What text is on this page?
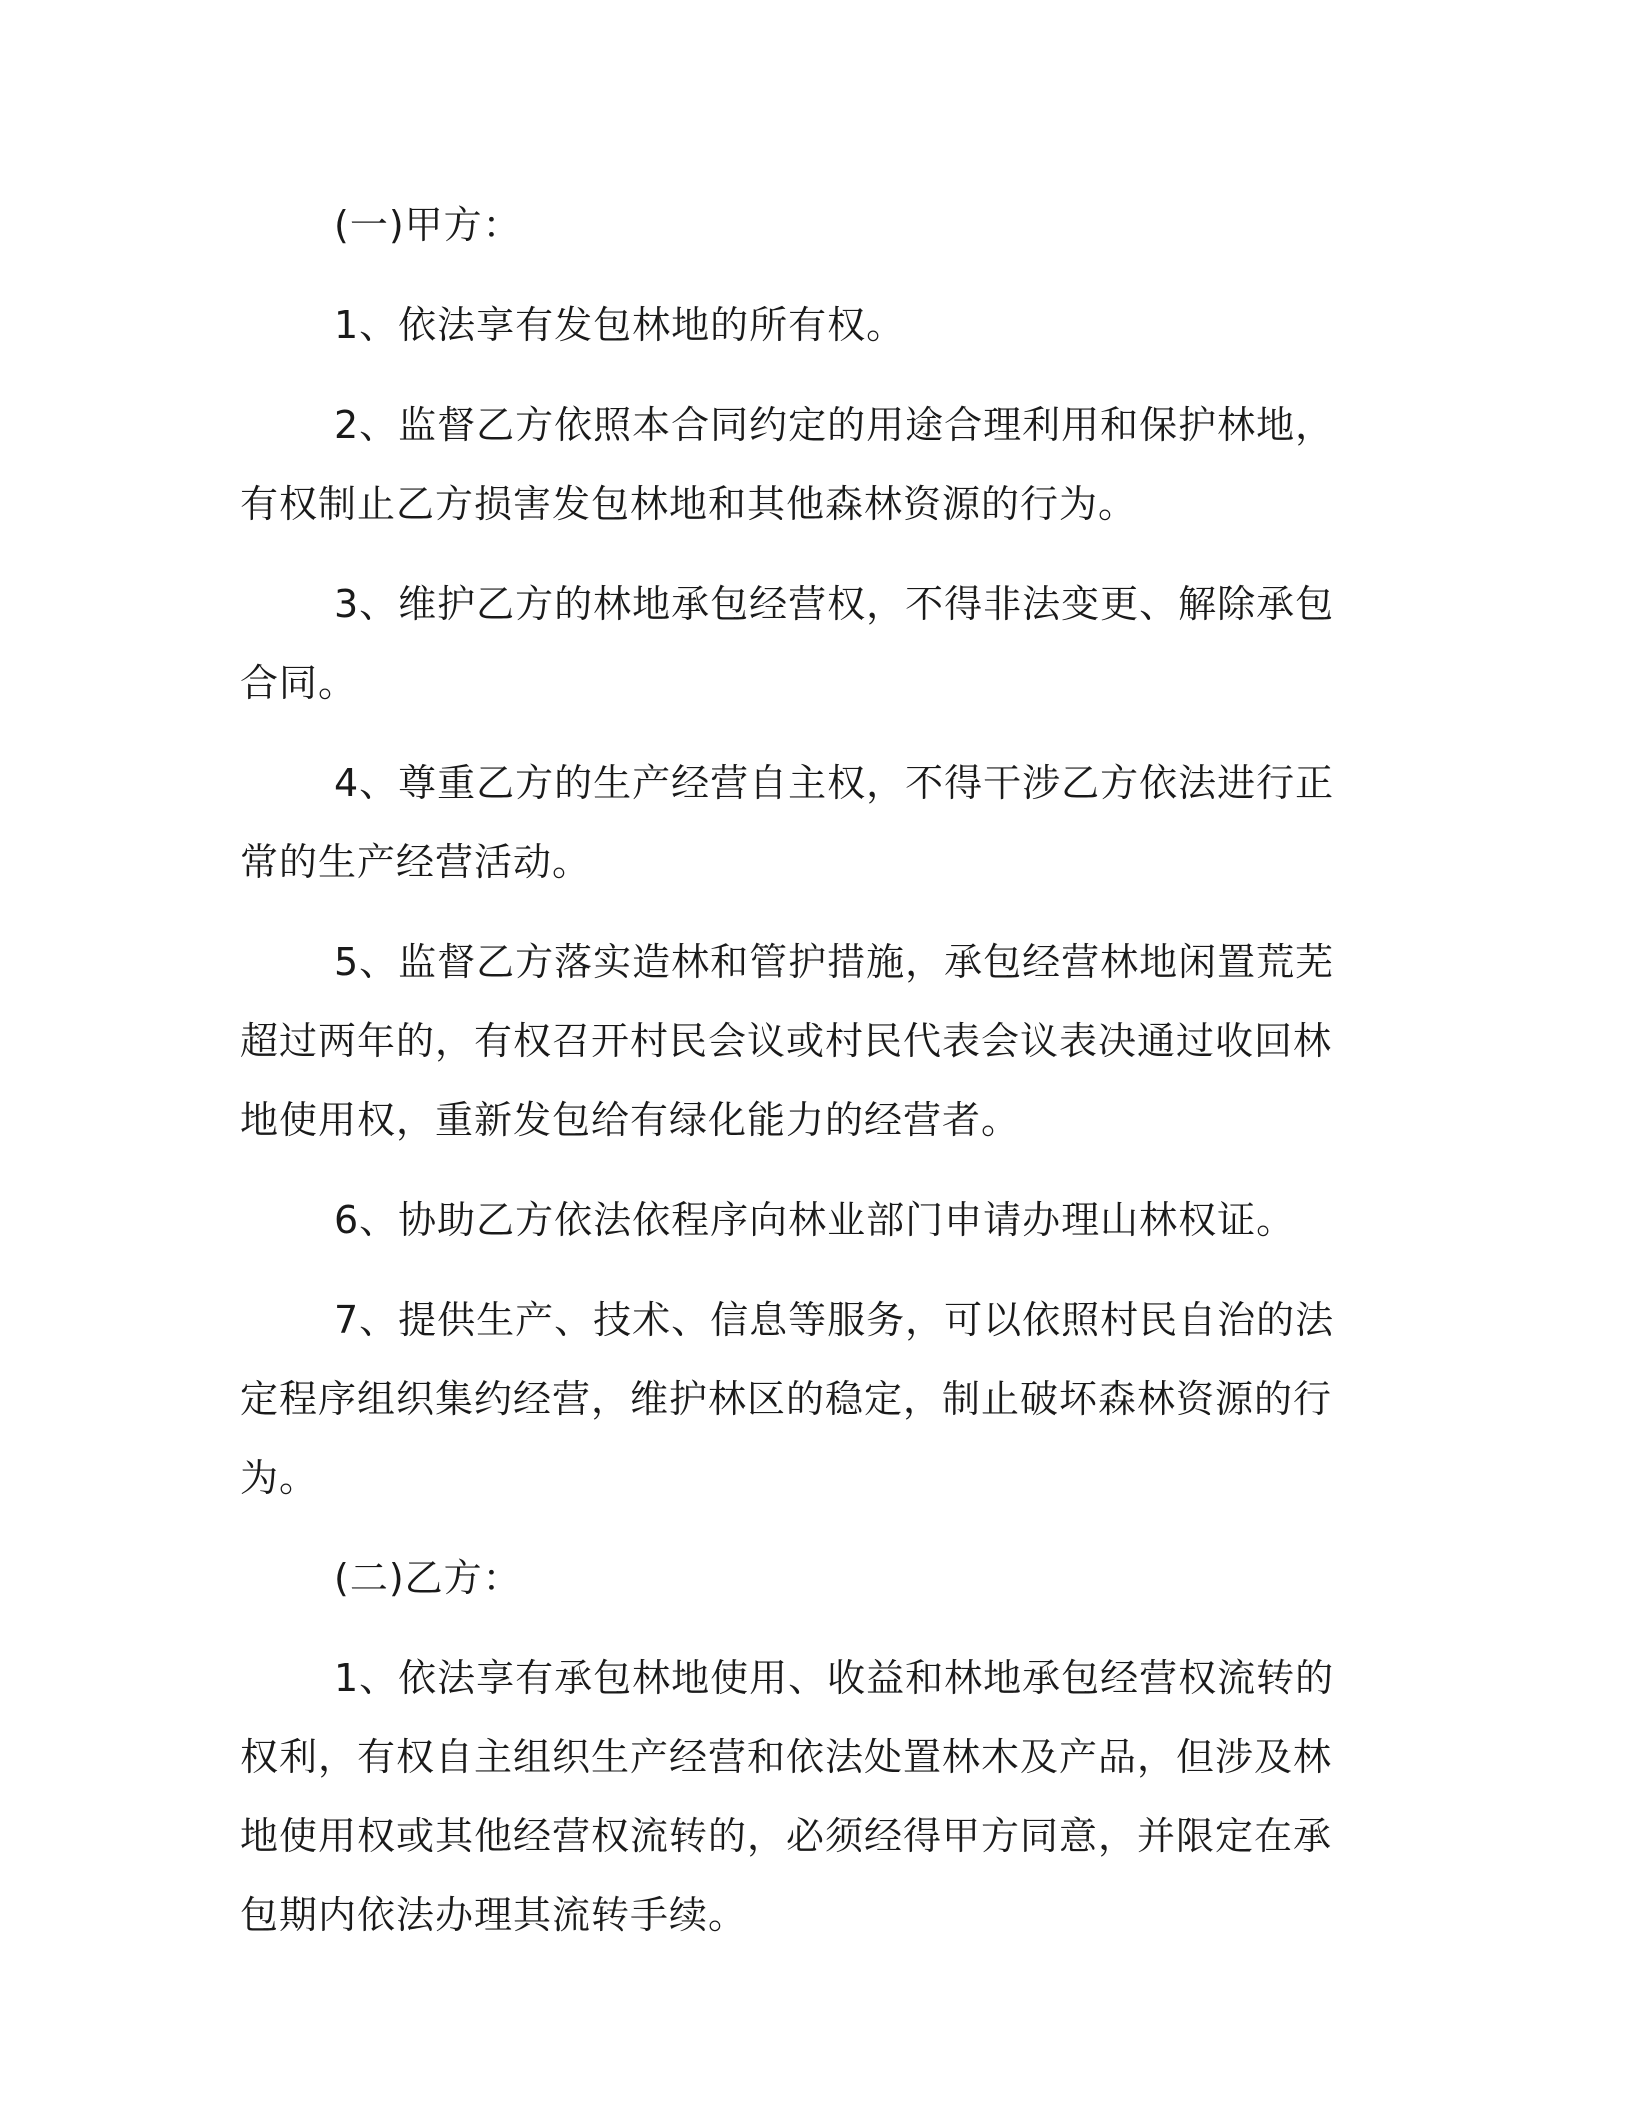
(一)甲方：

1、依法享有发包林地的所有权。

2、监督乙方依照本合同约定的用途合理利用和保护林地，有权制止乙方损害发包林地和其他森林资源的行为。

3、维护乙方的林地承包经营权，不得非法变更、解除承包合同。

4、尊重乙方的生产经营自主权，不得干涉乙方依法进行正常的生产经营活动。

5、监督乙方落实造林和管护措施，承包经营林地闲置荒芜超过两年的，有权召开村民会议或村民代表会议表决通过收回林地使用权，重新发包给有绿化能力的经营者。

6、协助乙方依法依程序向林业部门申请办理山林权证。

7、提供生产、技术、信息等服务，可以依照村民自治的法定程序组织集约经营，维护林区的稳定，制止破坏森林资源的行为。

(二)乙方：

1、依法享有承包林地使用、收益和林地承包经营权流转的权利，有权自主组织生产经营和依法处置林木及产品，但涉及林地使用权或其他经营权流转的，必须经得甲方同意，并限定在承包期内依法办理其流转手续。
